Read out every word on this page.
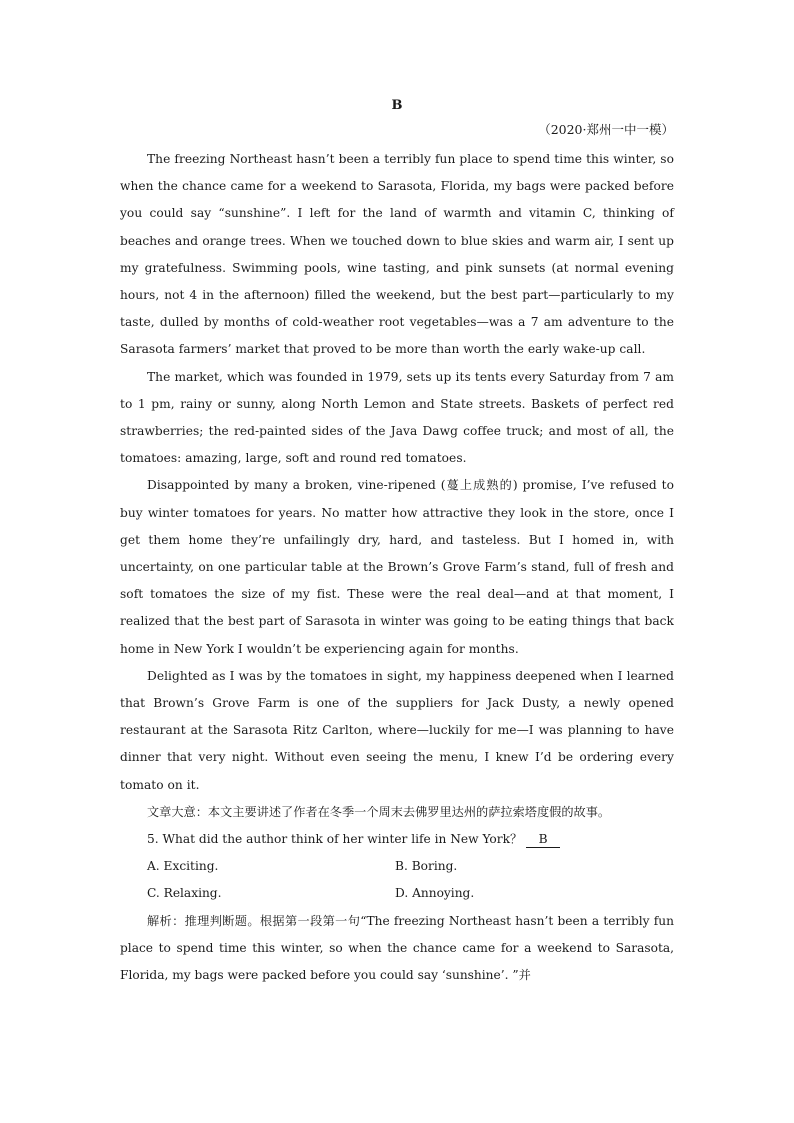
B
（2020·郑州一中一模）

The freezing Northeast hasn’t been a terribly fun place to spend time this winter, so when the chance came for a weekend to Sarasota, Florida, my bags were packed before you could say “sunshine”. I left for the land of warmth and vitamin C, thinking of beaches and orange trees. When we touched down to blue skies and warm air, I sent up my gratefulness. Swimming pools, wine tasting, and pink sunsets (at normal evening hours, not 4 in the afternoon) filled the weekend, but the best part—particularly to my taste, dulled by months of cold-weather root vegetables—was a 7 am adventure to the Sarasota farmers’ market that proved to be more than worth the early wake-up call.

The market, which was founded in 1979, sets up its tents every Saturday from 7 am to 1 pm, rainy or sunny, along North Lemon and State streets. Baskets of perfect red strawberries; the red-painted sides of the Java Dawg coffee truck; and most of all, the tomatoes: amazing, large, soft and round red tomatoes.

Disappointed by many a broken, vine-ripened (蔓上成熟的) promise, I’ve refused to buy winter tomatoes for years. No matter how attractive they look in the store, once I get them home they’re unfailingly dry, hard, and tasteless. But I homed in, with uncertainty, on one particular table at the Brown’s Grove Farm’s stand, full of fresh and soft tomatoes the size of my fist. These were the real deal—and at that moment, I realized that the best part of Sarasota in winter was going to be eating things that back home in New York I wouldn’t be experiencing again for months.

Delighted as I was by the tomatoes in sight, my happiness deepened when I learned that Brown’s Grove Farm is one of the suppliers for Jack Dusty, a newly opened restaurant at the Sarasota Ritz Carlton, where—luckily for me—I was planning to have dinner that very night. Without even seeing the menu, I knew I’d be ordering every tomato on it.

文章大意：本文主要讲述了作者在冬季一个周末去佛罗里达州的萨拉索塔度假的故事。

5. What did the author think of her winter life in New York？ B

A. Exciting.	B. Boring.
C. Relaxing.	D. Annoying.

解析：推理判断题。根据第一段第一句“The freezing Northeast hasn’t been a terribly fun place to spend time this winter, so when the chance came for a weekend to Sarasota, Florida, my bags were packed before you could say ‘sunshine’. ”并
